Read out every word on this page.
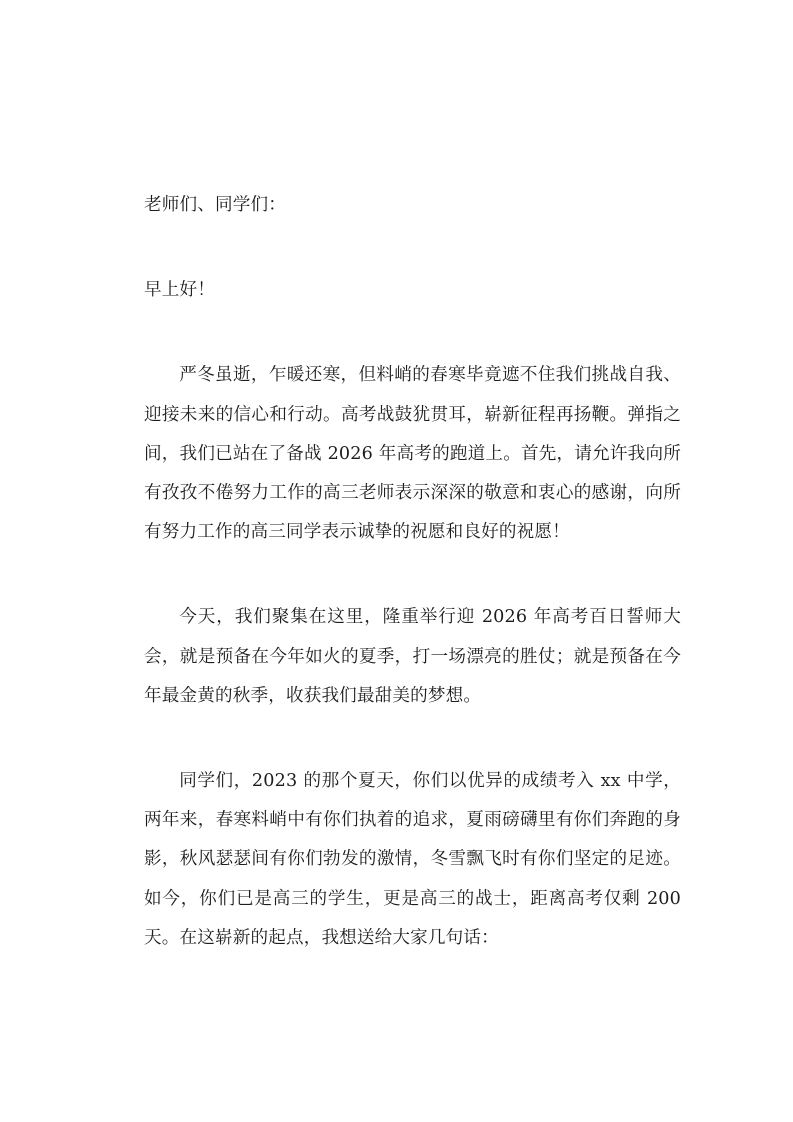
老师们、同学们：

早上好！

严冬虽逝，乍暖还寒，但料峭的春寒毕竟遮不住我们挑战自我、迎接未来的信心和行动。高考战鼓犹贯耳，崭新征程再扬鞭。弹指之间，我们已站在了备战 2026 年高考的跑道上。首先，请允许我向所有孜孜不倦努力工作的高三老师表示深深的敬意和衷心的感谢，向所有努力工作的高三同学表示诚挚的祝愿和良好的祝愿！

今天，我们聚集在这里，隆重举行迎 2026 年高考百日誓师大会，就是预备在今年如火的夏季，打一场漂亮的胜仗；就是预备在今年最金黄的秋季，收获我们最甜美的梦想。

同学们，2023 的那个夏天，你们以优异的成绩考入 xx 中学，两年来，春寒料峭中有你们执着的追求，夏雨磅礴里有你们奔跑的身影，秋风瑟瑟间有你们勃发的激情，冬雪飘飞时有你们坚定的足迹。如今，你们已是高三的学生，更是高三的战士，距离高考仅剩 200 天。在这崭新的起点，我想送给大家几句话：
